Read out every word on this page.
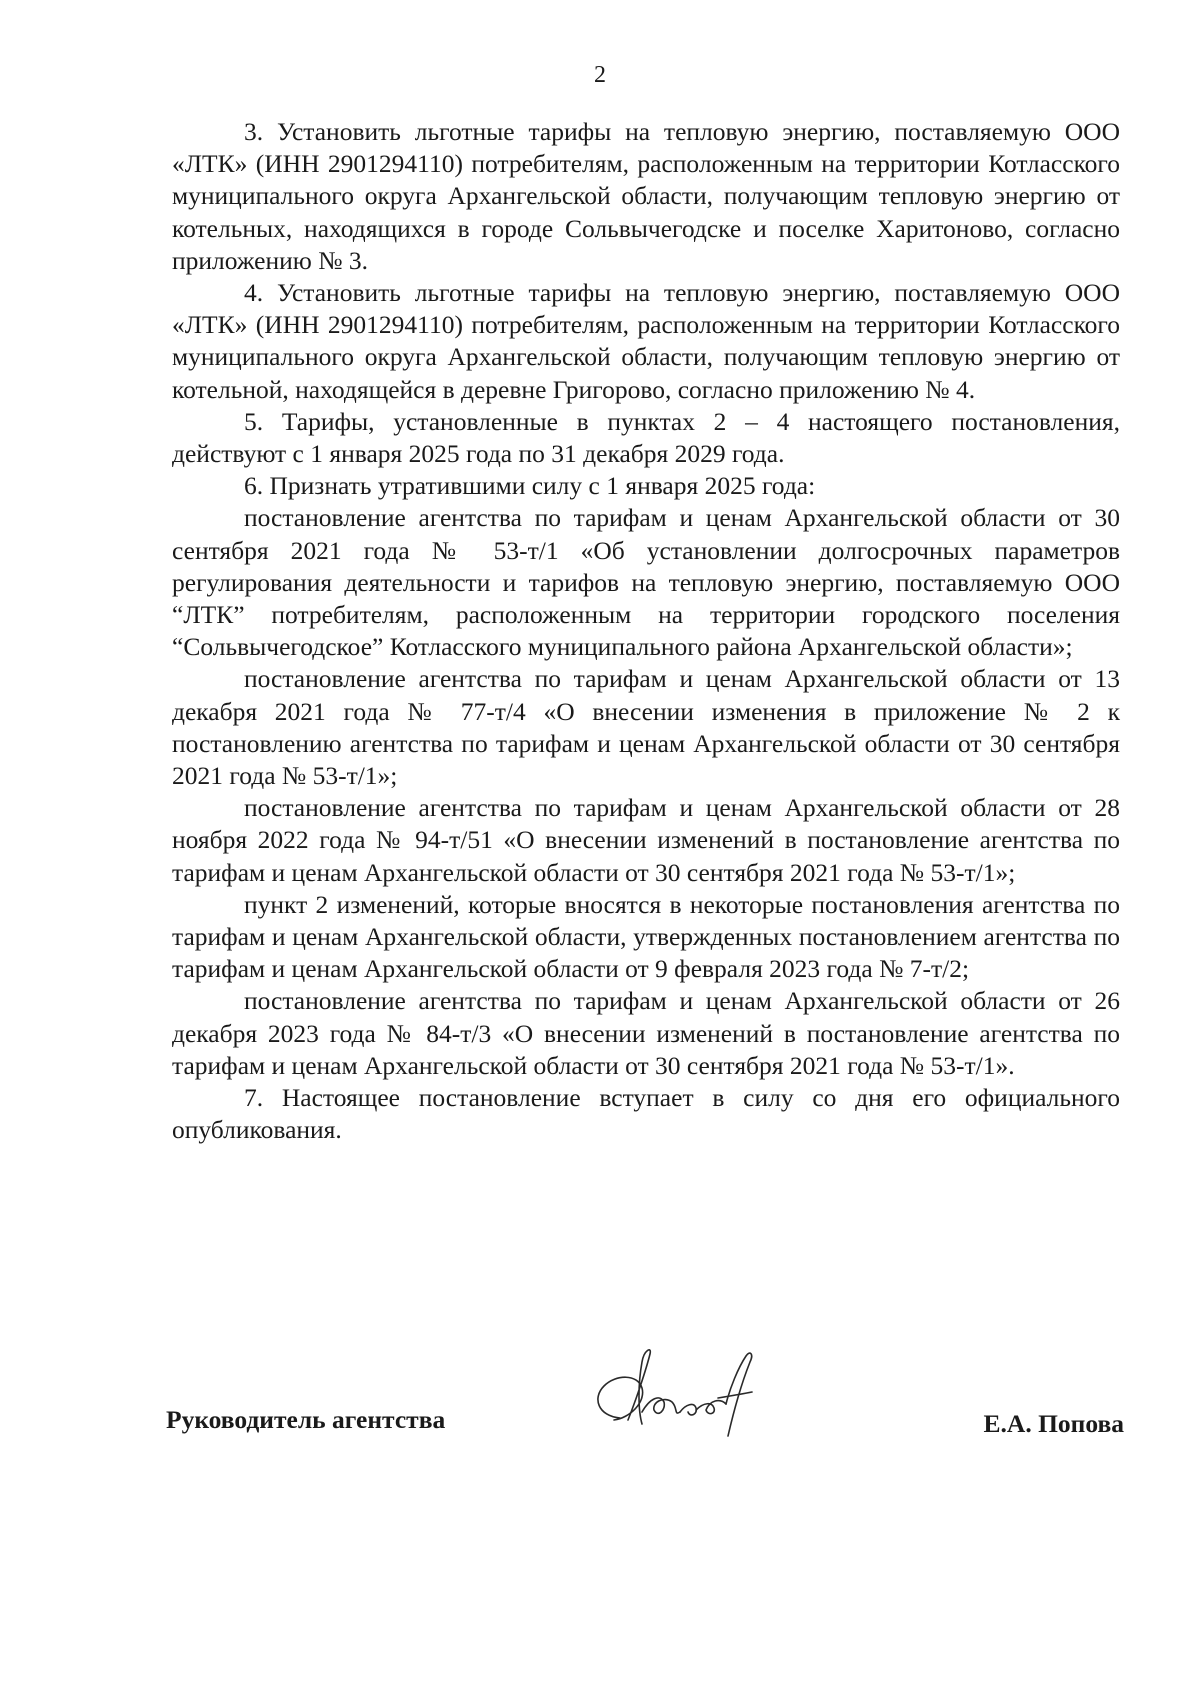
2

3. Установить льготные тарифы на тепловую энергию, поставляемую ООО «ЛТК» (ИНН 2901294110) потребителям, расположенным на территории Котласского муниципального округа Архангельской области, получающим тепловую энергию от котельных, находящихся в городе Сольвычегодске и поселке Харитоново, согласно приложению № 3.

4. Установить льготные тарифы на тепловую энергию, поставляемую ООО «ЛТК» (ИНН 2901294110) потребителям, расположенным на территории Котласского муниципального округа Архангельской области, получающим тепловую энергию от котельной, находящейся в деревне Григорово, согласно приложению № 4.

5. Тарифы, установленные в пунктах 2 – 4 настоящего постановления, действуют с 1 января 2025 года по 31 декабря 2029 года.

6. Признать утратившими силу с 1 января 2025 года:

постановление агентства по тарифам и ценам Архангельской области от 30 сентября 2021 года № 53-т/1 «Об установлении долгосрочных параметров регулирования деятельности и тарифов на тепловую энергию, поставляемую ООО “ЛТК” потребителям, расположенным на территории городского поселения “Сольвычегодское” Котласского муниципального района Архангельской области»;

постановление агентства по тарифам и ценам Архангельской области от 13 декабря 2021 года № 77-т/4 «О внесении изменения в приложение № 2 к постановлению агентства по тарифам и ценам Архангельской области от 30 сентября 2021 года № 53-т/1»;

постановление агентства по тарифам и ценам Архангельской области от 28 ноября 2022 года № 94-т/51 «О внесении изменений в постановление агентства по тарифам и ценам Архангельской области от 30 сентября 2021 года № 53-т/1»;

пункт 2 изменений, которые вносятся в некоторые постановления агентства по тарифам и ценам Архангельской области, утвержденных постановлением агентства по тарифам и ценам Архангельской области от 9 февраля 2023 года № 7-т/2;

постановление агентства по тарифам и ценам Архангельской области от 26 декабря 2023 года № 84-т/3 «О внесении изменений в постановление агентства по тарифам и ценам Архангельской области от 30 сентября 2021 года № 53-т/1».

7. Настоящее постановление вступает в силу со дня его официального опубликования.

Руководитель агентства	Е.А. Попова
